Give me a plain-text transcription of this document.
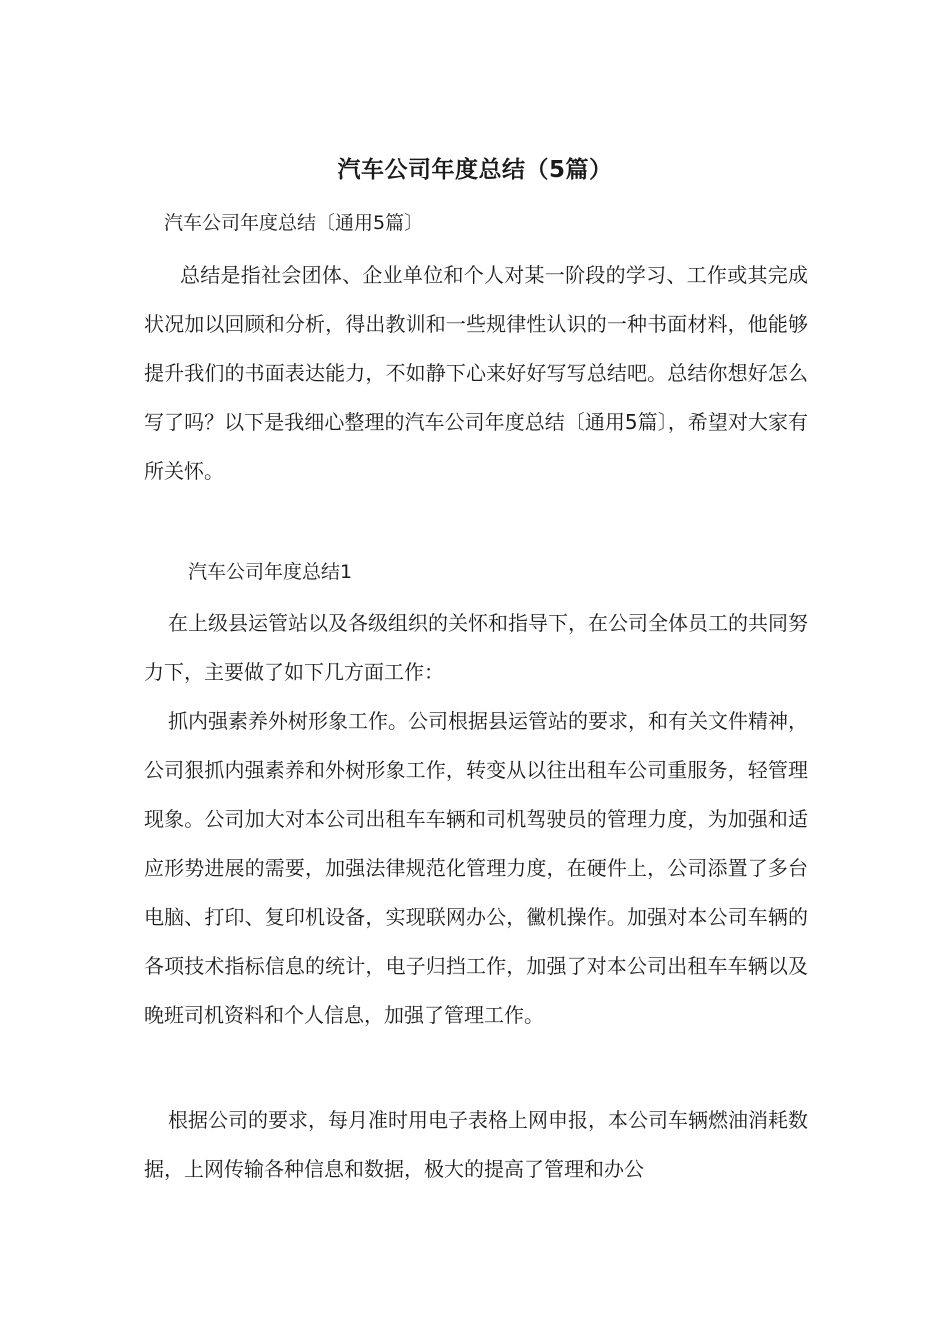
汽车公司年度总结（5篇）
汽车公司年度总结〔通用5篇〕

总结是指社会团体、企业单位和个人对某一阶段的学习、工作或其完成状况加以回顾和分析，得出教训和一些规律性认识的一种书面材料，他能够提升我们的书面表达能力，不如静下心来好好写写总结吧。总结你想好怎么写了吗？以下是我细心整理的汽车公司年度总结〔通用5篇〕，希望对大家有所关怀。

汽车公司年度总结1

在上级县运管站以及各级组织的关怀和指导下，在公司全体员工的共同努力下，主要做了如下几方面工作：

抓内强素养外树形象工作。公司根据县运管站的要求，和有关文件精神，公司狠抓内强素养和外树形象工作，转变从以往出租车公司重服务，轻管理现象。公司加大对本公司出租车车辆和司机驾驶员的管理力度，为加强和适应形势进展的需要，加强法律规范化管理力度，在硬件上，公司添置了多台电脑、打印、复印机设备，实现联网办公，黴机操作。加强对本公司车辆的各项技术指标信息的统计，电子归挡工作，加强了对本公司出租车车辆以及晚班司机资料和个人信息，加强了管理工作。

根据公司的要求，每月准时用电子表格上网申报，本公司车辆燃油消耗数据，上网传输各种信息和数据，极大的提高了管理和办公
